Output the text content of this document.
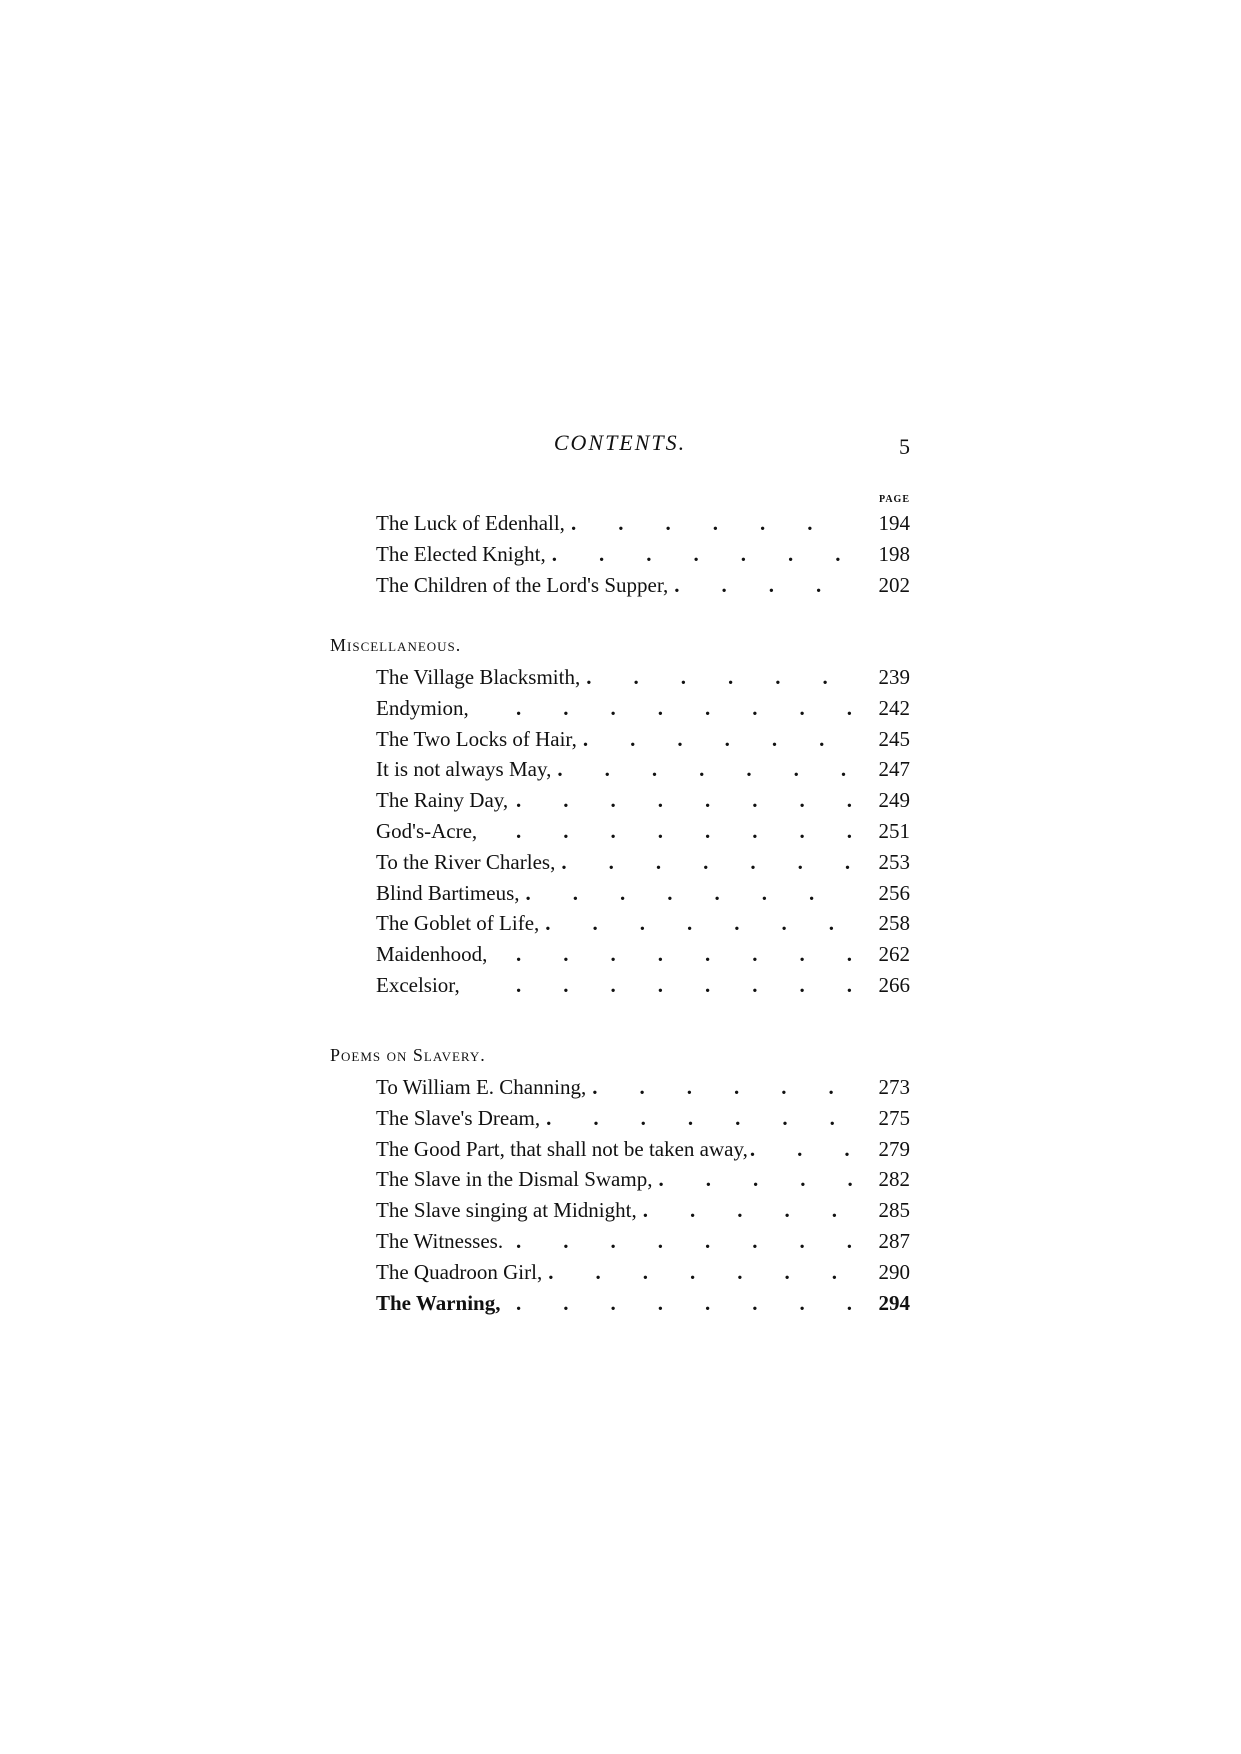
CONTENTS.	5
PAGE
The Luck of Edenhall, .	194
The Elected Knight, .	198
The Children of the Lord's Supper, .	202
Miscellaneous.
The Village Blacksmith, .	239
Endymion, .	242
The Two Locks of Hair, .	245
It is not always May, .	247
The Rainy Day, .	249
God's-Acre, .	251
To the River Charles, .	253
Blind Bartimeus, .	256
The Goblet of Life, .	258
Maidenhood, .	262
Excelsior, .	266
Poems on Slavery.
To William E. Channing, .	273
The Slave's Dream, .	275
The Good Part, that shall not be taken away, .	279
The Slave in the Dismal Swamp, .	282
The Slave singing at Midnight, .	285
The Witnesses. .	287
The Quadroon Girl, .	290
The Warning, .	294
